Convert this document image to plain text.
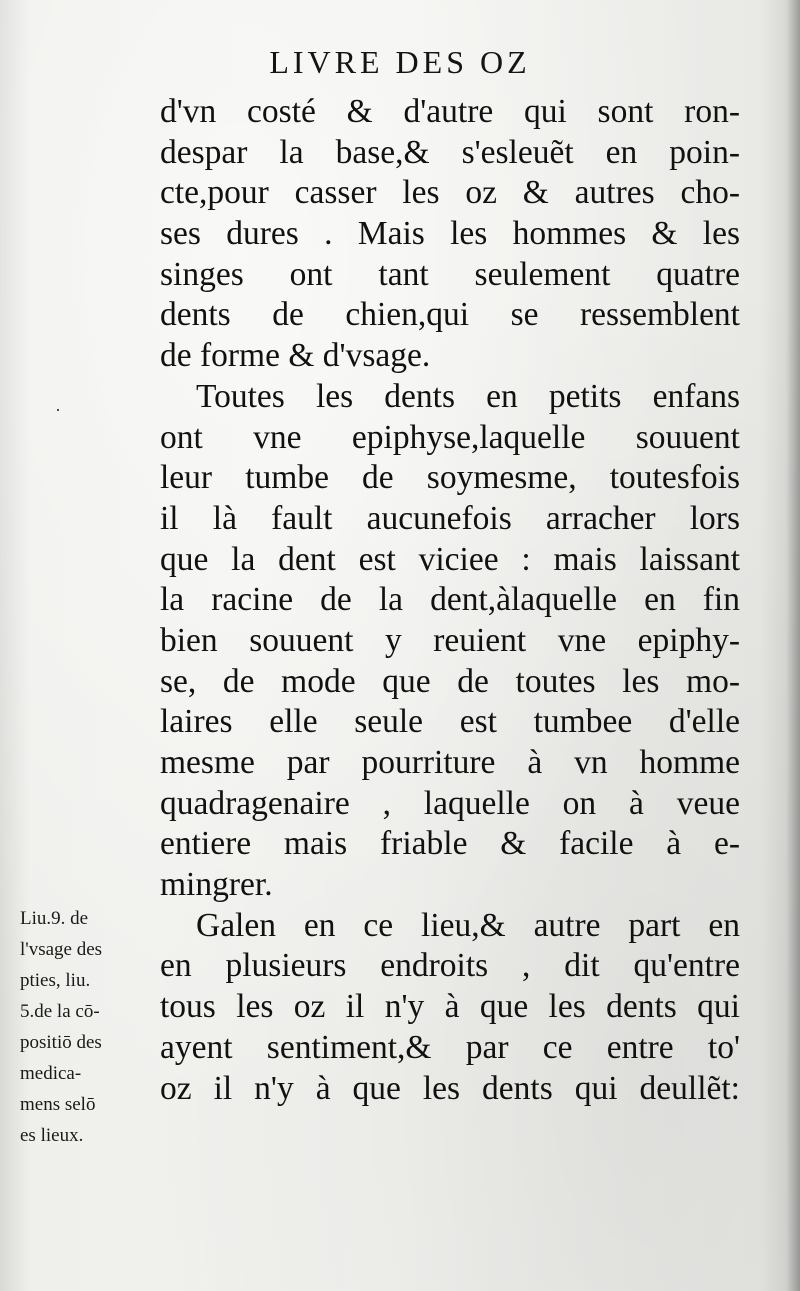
LIVRE DES OZ
·
d'vn costé & d'autre qui sont ron-
despar la base,& s'esleuẽt en poin-
cte,pour casser les oz & autres cho-
ses dures . Mais les hommes & les
singes ont tant seulement quatre
dents de chien,qui se ressemblent
de forme & d'vsage.
Toutes les dents en petits enfans
ont vne epiphyse,laquelle souuent
leur tumbe de soymesme, toutesfois
il là fault aucunefois arracher lors
que la dent est viciee : mais laissant
la racine de la dent,àlaquelle en fin
bien souuent y reuient vne epiphy-
se, de mode que de toutes les mo-
laires elle seule est tumbee d'elle
mesme par pourriture à vn homme
quadragenaire , laquelle on à veue
entiere mais friable & facile à e-
mingrer.
Galen en ce lieu,& autre part en
en plusieurs endroits , dit qu'entre
tous les oz il n'y à que les dents qui
ayent sentiment,& par ce entre to'
oz il n'y à que les dents qui deullẽt:
Liu.9. de
l'vsage des
pties, liu.
5.de la cō-
positiō des
medica-
mens selō
es lieux.
